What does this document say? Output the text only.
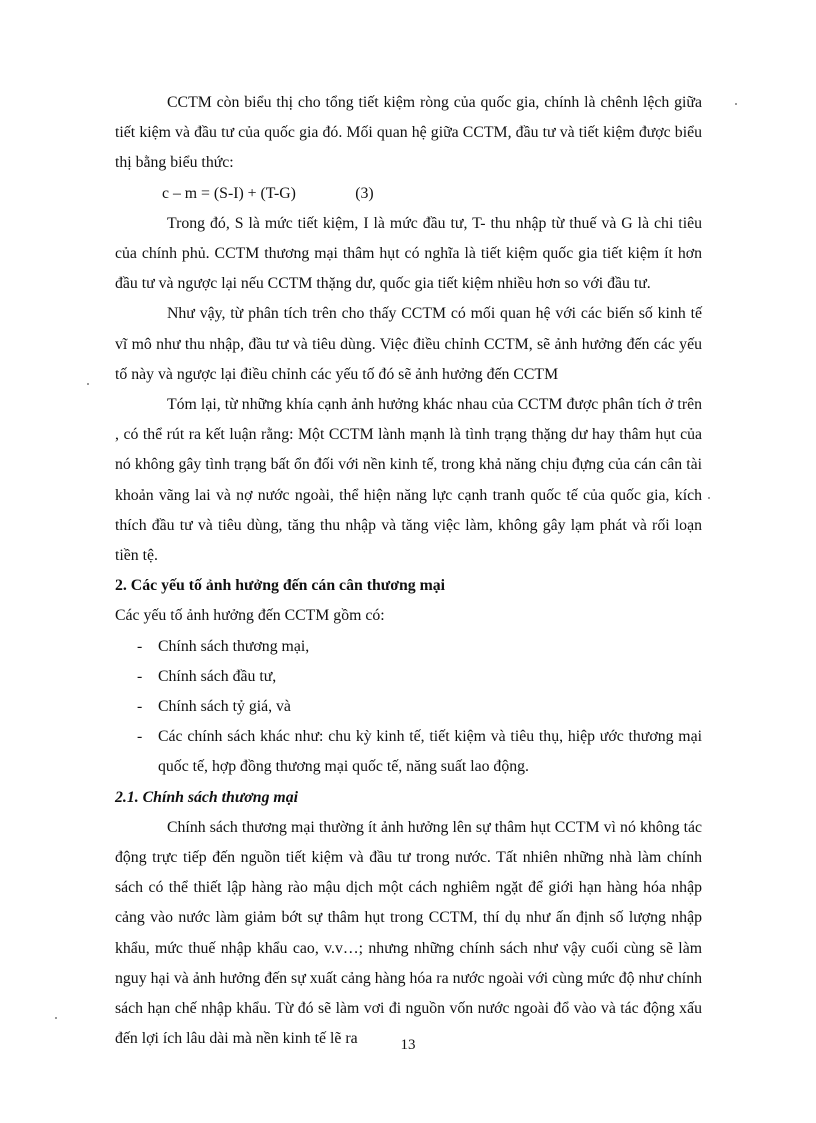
CCTM còn biểu thị cho tổng tiết kiệm ròng của quốc gia, chính là chênh lệch giữa tiết kiệm và đầu tư của quốc gia đó. Mối quan hệ giữa CCTM, đầu tư và tiết kiệm được biểu thị bằng biểu thức:

c – m = (S-I) + (T-G)	(3)

Trong đó, S là mức tiết kiệm, I là mức đầu tư, T- thu nhập từ thuế và G là chi tiêu của chính phủ. CCTM thương mại thâm hụt có nghĩa là tiết kiệm quốc gia tiết kiệm ít hơn đầu tư và ngược lại nếu CCTM thặng dư, quốc gia tiết kiệm nhiều hơn so với đầu tư.

Như vậy, từ phân tích trên cho thấy CCTM có mối quan hệ với các biến số kinh tế vĩ mô như thu nhập, đầu tư và tiêu dùng. Việc điều chỉnh CCTM, sẽ ảnh hưởng đến các yếu tố này và ngược lại điều chỉnh các yếu tố đó sẽ ảnh hưởng đến CCTM

Tóm lại, từ những khía cạnh ảnh hưởng khác nhau của CCTM được phân tích ở trên , có thể rút ra kết luận rằng: Một CCTM lành mạnh là tình trạng thặng dư hay thâm hụt của nó không gây tình trạng bất ổn đối với nền kinh tế, trong khả năng chịu đựng của cán cân tài khoản vãng lai và nợ nước ngoài, thể hiện năng lực cạnh tranh quốc tế của quốc gia, kích thích đầu tư và tiêu dùng, tăng thu nhập và tăng việc làm, không gây lạm phát và rối loạn tiền tệ.

2. Các yếu tố ảnh hưởng đến cán cân thương mại

Các yếu tố ảnh hưởng đến CCTM gồm có:

- Chính sách thương mại,
- Chính sách đầu tư,
- Chính sách tỷ giá, và
- Các chính sách khác như: chu kỳ kinh tế, tiết kiệm và tiêu thụ, hiệp ước thương mại quốc tế, hợp đồng thương mại quốc tế, năng suất lao động.

2.1. Chính sách thương mại

Chính sách thương mại thường ít ảnh hưởng lên sự thâm hụt CCTM vì nó không tác động trực tiếp đến nguồn tiết kiệm và đầu tư trong nước. Tất nhiên những nhà làm chính sách có thể thiết lập hàng rào mậu dịch một cách nghiêm ngặt để giới hạn hàng hóa nhập cảng vào nước làm giảm bớt sự thâm hụt trong CCTM, thí dụ như ấn định số lượng nhập khẩu, mức thuế nhập khẩu cao, v.v…; nhưng những chính sách như vậy cuối cùng sẽ làm nguy hại và ảnh hưởng đến sự xuất cảng hàng hóa ra nước ngoài với cùng mức độ như chính sách hạn chế nhập khẩu. Từ đó sẽ làm vơi đi nguồn vốn nước ngoài đổ vào và tác động xấu đến lợi ích lâu dài mà nền kinh tế lẽ ra	13
